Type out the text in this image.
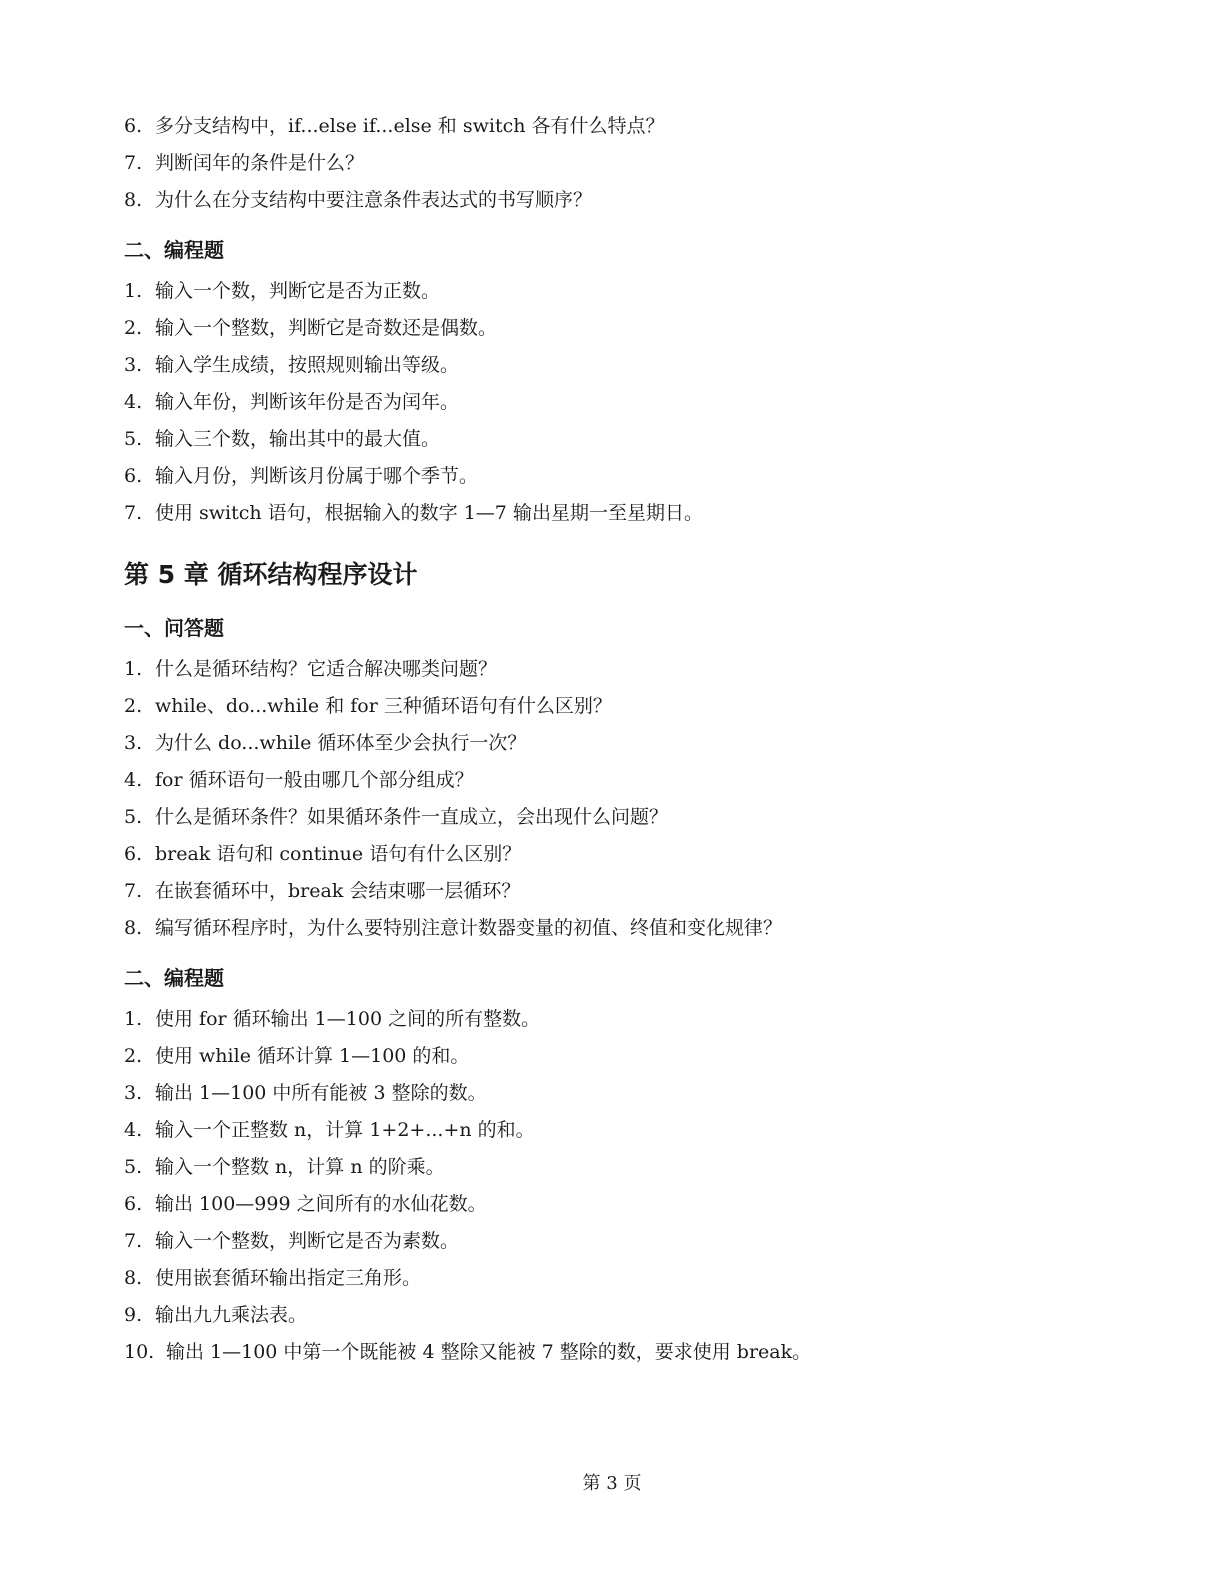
6. 多分支结构中，if...else if...else 和 switch 各有什么特点？
7. 判断闰年的条件是什么？
8. 为什么在分支结构中要注意条件表达式的书写顺序？
二、编程题
1. 输入一个数，判断它是否为正数。
2. 输入一个整数，判断它是奇数还是偶数。
3. 输入学生成绩，按照规则输出等级。
4. 输入年份，判断该年份是否为闰年。
5. 输入三个数，输出其中的最大值。
6. 输入月份，判断该月份属于哪个季节。
7. 使用 switch 语句，根据输入的数字 1—7 输出星期一至星期日。
第 5 章 循环结构程序设计
一、问答题
1. 什么是循环结构？它适合解决哪类问题？
2. while、do...while 和 for 三种循环语句有什么区别？
3. 为什么 do...while 循环体至少会执行一次？
4. for 循环语句一般由哪几个部分组成？
5. 什么是循环条件？如果循环条件一直成立，会出现什么问题？
6. break 语句和 continue 语句有什么区别？
7. 在嵌套循环中，break 会结束哪一层循环？
8. 编写循环程序时，为什么要特别注意计数器变量的初值、终值和变化规律？
二、编程题
1. 使用 for 循环输出 1—100 之间的所有整数。
2. 使用 while 循环计算 1—100 的和。
3. 输出 1—100 中所有能被 3 整除的数。
4. 输入一个正整数 n，计算 1+2+...+n 的和。
5. 输入一个整数 n，计算 n 的阶乘。
6. 输出 100—999 之间所有的水仙花数。
7. 输入一个整数，判断它是否为素数。
8. 使用嵌套循环输出指定三角形。
9. 输出九九乘法表。
10. 输出 1—100 中第一个既能被 4 整除又能被 7 整除的数，要求使用 break。
第 3 页
